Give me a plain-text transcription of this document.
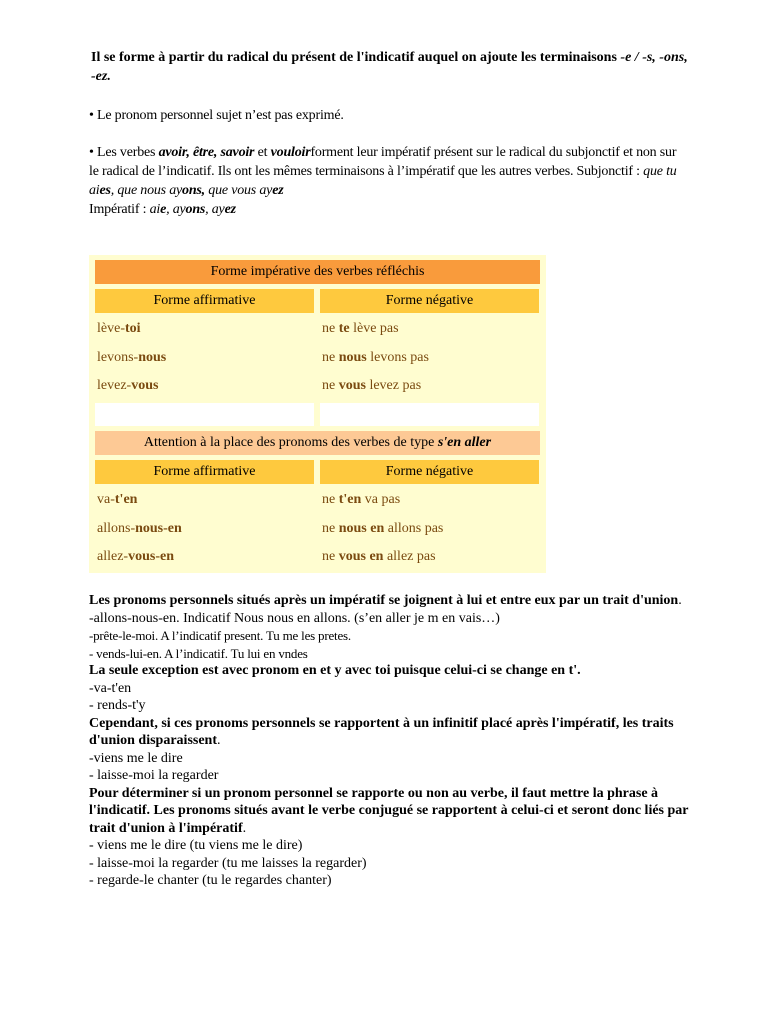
Il se forme à partir du radical du présent de l'indicatif auquel on ajoute les terminaisons -e / -s, -ons, -ez.
• Le pronom personnel sujet n’est pas exprimé.
• Les verbes avoir, être, savoir et vouloirforment leur impératif présent sur le radical du subjonctif et non sur le radical de l’indicatif. Ils ont les mêmes terminaisons à l’impératif que les autres verbes. Subjonctif : que tu aies, que nous ayons, que vous ayez
Impératif : aie, ayons, ayez
Forme impérative des verbes réfléchis
Forme affirmative	Forme négative
lève-toi	ne te lève pas
levons-nous	ne nous levons pas
levez-vous	ne vous levez pas
Attention à la place des pronoms des verbes de type s'en aller
Forme affirmative	Forme négative
va-t'en	ne t'en va pas
allons-nous-en	ne nous en allons pas
allez-vous-en	ne vous en allez pas
Les pronoms personnels situés après un impératif se joignent à lui et entre eux par un trait d'union.
-allons-nous-en. Indicatif Nous nous en allons. (s’en aller je m en vais…)
-prête-le-moi. A l’indicatif present. Tu me les pretes.
- vends-lui-en. A l’indicatif. Tu lui en vndes
La seule exception est avec pronom en et y avec toi puisque celui-ci se change en t'.
-va-t'en
- rends-t'y
Cependant, si ces pronoms personnels se rapportent à un infinitif placé après l'impératif, les traits d'union disparaissent.
-viens me le dire
- laisse-moi la regarder
Pour déterminer si un pronom personnel se rapporte ou non au verbe, il faut mettre la phrase à l'indicatif. Les pronoms situés avant le verbe conjugué se rapportent à celui-ci et seront donc liés par trait d'union à l'impératif.
- viens me le dire (tu viens me le dire)
- laisse-moi la regarder (tu me laisses la regarder)
- regarde-le chanter (tu le regardes chanter)
